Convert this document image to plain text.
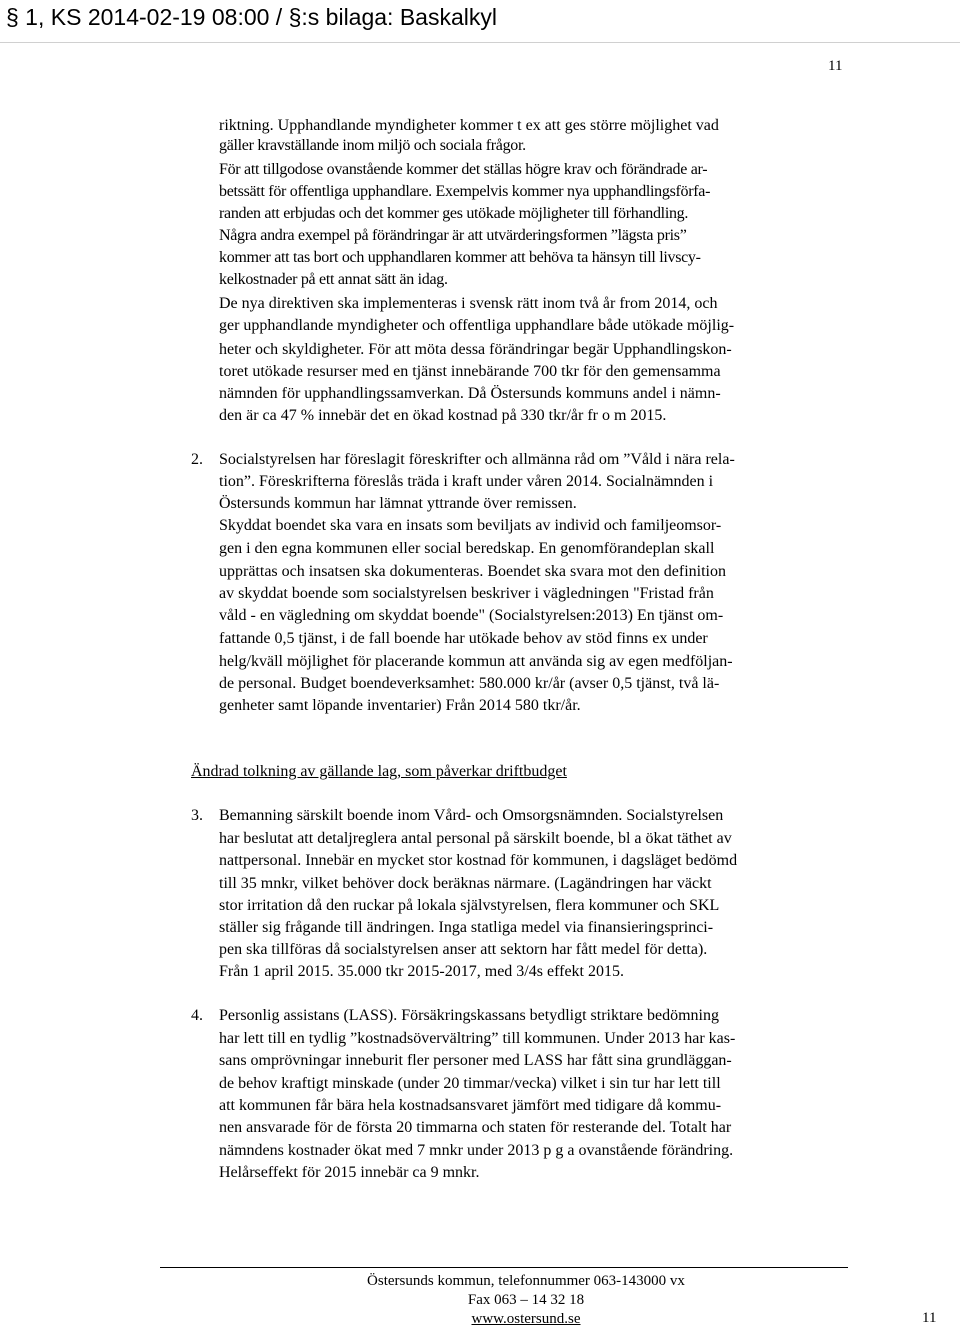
§ 1, KS 2014-02-19 08:00 / §:s bilaga: Baskalkyl
11
riktning. Upphandlande myndigheter kommer t ex att ges större möjlighet vad
gäller kravställande inom miljö och sociala frågor.
För att tillgodose ovanstående kommer det ställas högre krav och förändrade ar-
betssätt för offentliga upphandlare. Exempelvis kommer nya upphandlingsförfa-
randen att erbjudas och det kommer ges utökade möjligheter till förhandling.
Några andra exempel på förändringar är att utvärderingsformen ”lägsta pris”
kommer att tas bort och upphandlaren kommer att behöva ta hänsyn till livscy-
kelkostnader på ett annat sätt än idag.
De nya direktiven ska implementeras i svensk rätt inom två år from 2014, och
ger upphandlande myndigheter och offentliga upphandlare både utökade möjlig-
heter och skyldigheter. För att möta dessa förändringar begär Upphandlingskon-
toret utökade resurser med en tjänst innebärande 700 tkr för den gemensamma
nämnden för upphandlingssamverkan. Då Östersunds kommuns andel i nämn-
den är ca 47 % innebär det en ökad kostnad på 330 tkr/år fr o m 2015.
2. Socialstyrelsen har föreslagit föreskrifter och allmänna råd om ”Våld i nära rela-
tion”. Föreskrifterna föreslås träda i kraft under våren 2014. Socialnämnden i
Östersunds kommun har lämnat yttrande över remissen.
Skyddat boendet ska vara en insats som beviljats av individ och familjeomsor-
gen i den egna kommunen eller social beredskap. En genomförandeplan skall
upprättas och insatsen ska dokumenteras. Boendet ska svara mot den definition
av skyddat boende som socialstyrelsen beskriver i vägledningen "Fristad från
våld - en vägledning om skyddat boende" (Socialstyrelsen:2013) En tjänst om-
fattande 0,5 tjänst, i de fall boende har utökade behov av stöd finns ex under
helg/kväll möjlighet för placerande kommun att använda sig av egen medföljan-
de personal. Budget boendeverksamhet: 580.000 kr/år (avser 0,5 tjänst, två lä-
genheter samt löpande inventarier) Från 2014 580 tkr/år.
Ändrad tolkning av gällande lag, som påverkar driftbudget
3. Bemanning särskilt boende inom Vård- och Omsorgsnämnden. Socialstyrelsen
har beslutat att detaljreglera antal personal på särskilt boende, bl a ökat täthet av
nattpersonal. Innebär en mycket stor kostnad för kommunen, i dagsläget bedömd
till 35 mnkr, vilket behöver dock beräknas närmare. (Lagändringen har väckt
stor irritation då den ruckar på lokala självstyrelsen, flera kommuner och SKL
ställer sig frågande till ändringen. Inga statliga medel via finansieringsprinci-
pen ska tillföras då socialstyrelsen anser att sektorn har fått medel för detta).
Från 1 april 2015. 35.000 tkr 2015-2017, med 3/4s effekt 2015.
4. Personlig assistans (LASS). Försäkringskassans betydligt striktare bedömning
har lett till en tydlig ”kostnadsövervältring” till kommunen. Under 2013 har kas-
sans omprövningar inneburit fler personer med LASS har fått sina grundläggan-
de behov kraftigt minskade (under 20 timmar/vecka) vilket i sin tur har lett till
att kommunen får bära hela kostnadsansvaret jämfört med tidigare då kommu-
nen ansvarade för de första 20 timmarna och staten för resterande del. Totalt har
nämndens kostnader ökat med 7 mnkr under 2013 p g a ovanstående förändring.
Helårseffekt för 2015 innebär ca 9 mnkr.
Östersunds kommun, telefonnummer 063-143000 vx
Fax 063 – 14 32 18
www.ostersund.se	11
